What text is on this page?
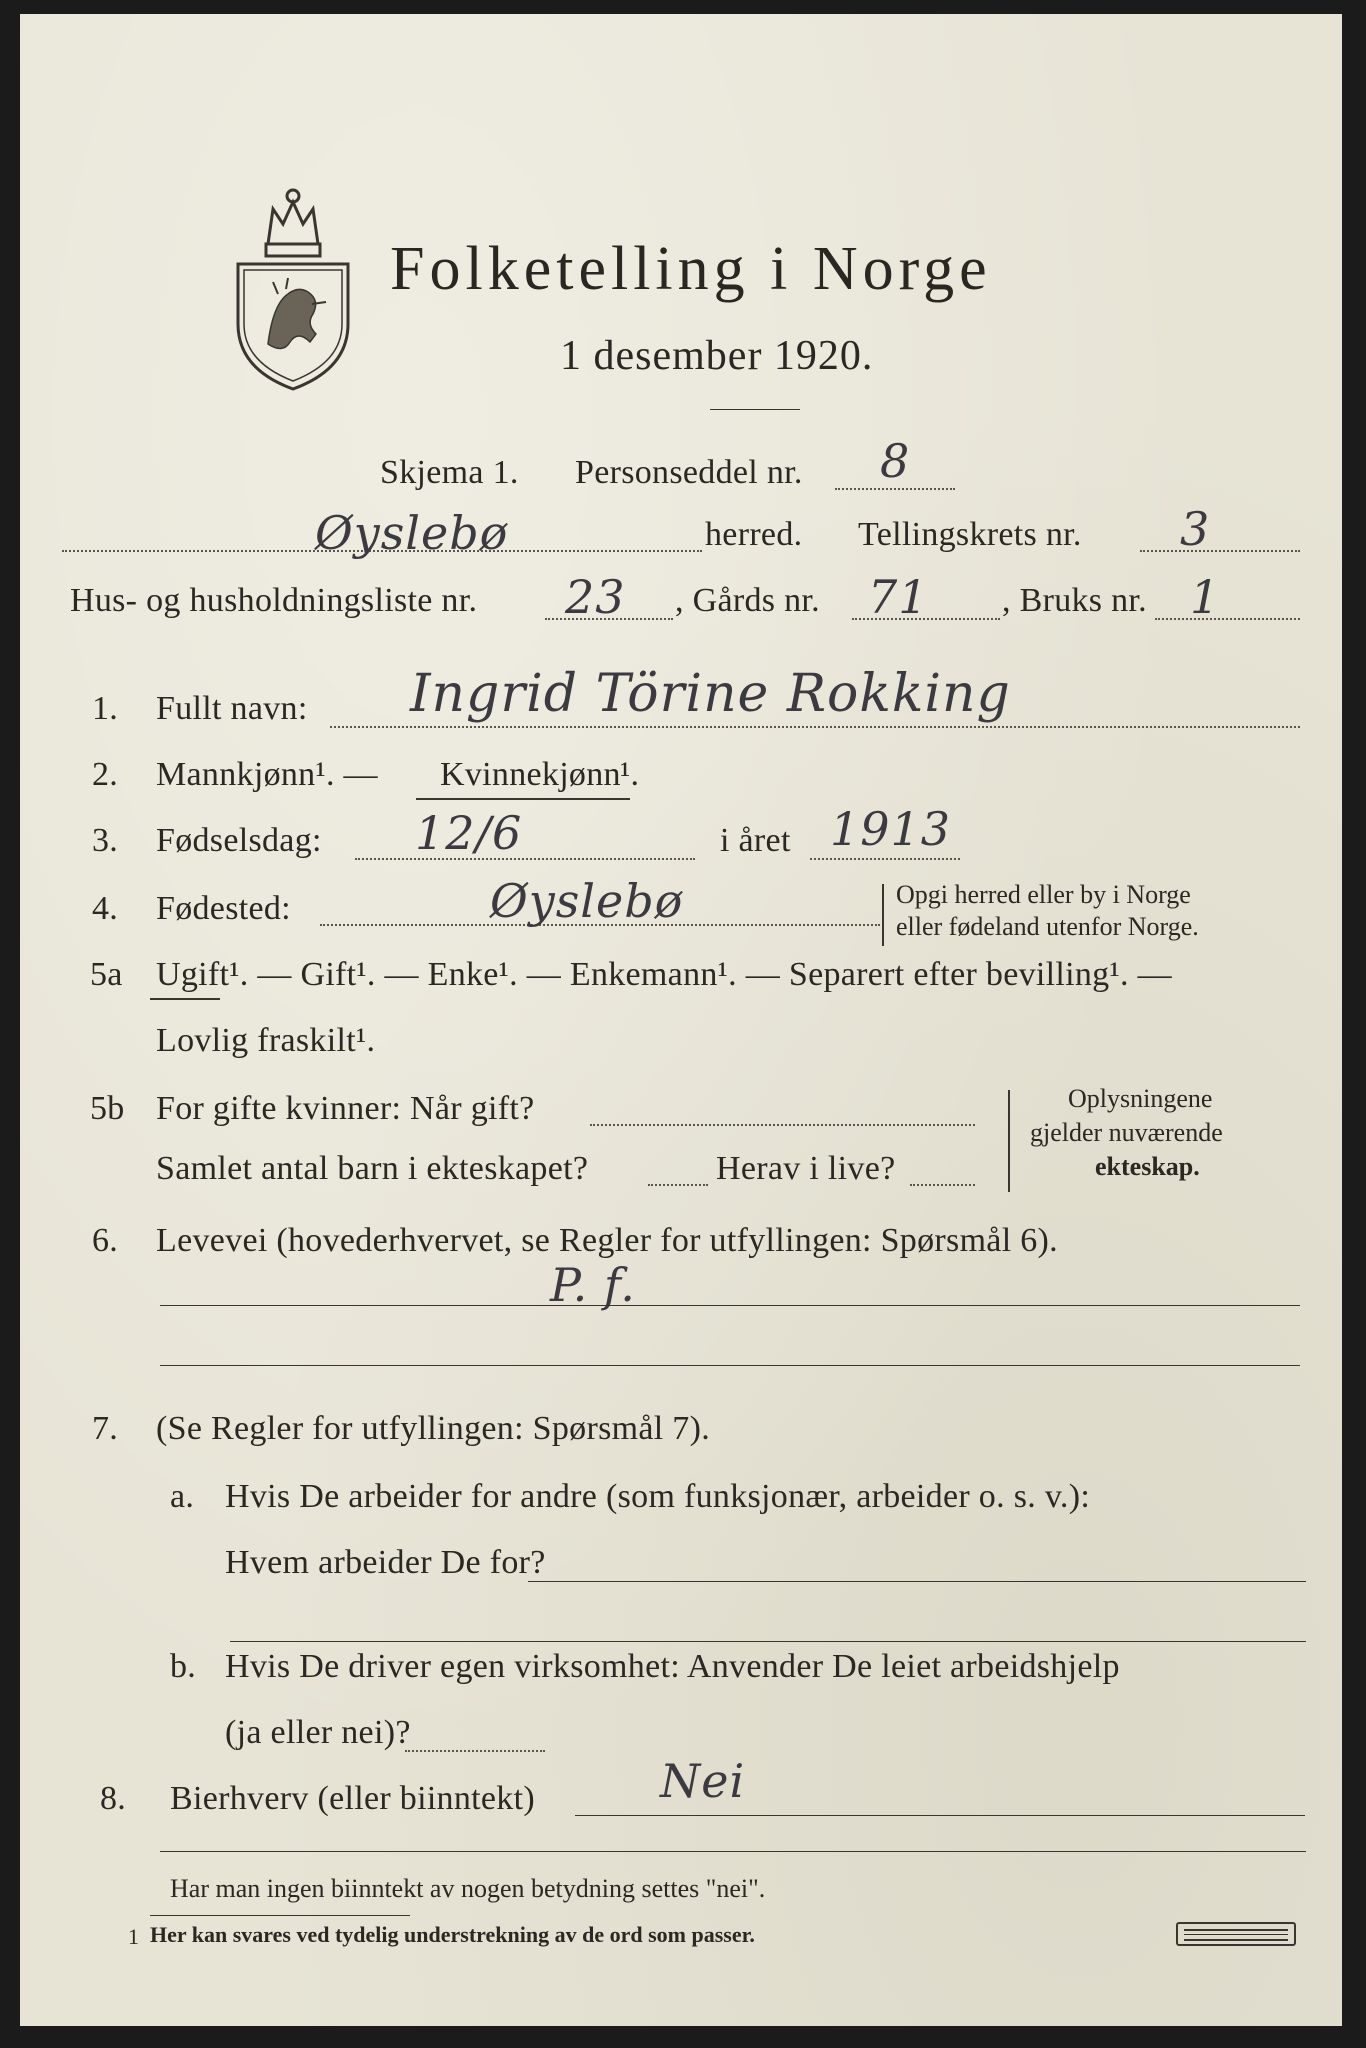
Folketelling i Norge
1 desember 1920.
Skjema 1. Personseddel nr. 8
Øyslebø	herred. Tellingskrets nr. 3
Hus- og husholdningsliste nr. 23 , Gårds nr. 71 , Bruks nr. 1
1. Fullt navn: Ingrid Törine Rokking
2. Mannkjønn¹. — Kvinnekjønn ¹.
3. Fødselsdag: 12/6	i året 1913
4. Fødested:	Øyslebø	Opgi herred eller by i Norge
eller fødeland utenfor Norge.
5a Ugift¹. — Gift¹. — Enke¹. — Enkemann¹. — Separert efter bevilling¹. —
Lovlig fraskilt¹.
5b For gifte kvinner: Når gift?
Samlet antal barn i ekteskapet?	Herav i live?
Oplysningene
gjelder nuværende
ekteskap.
6. Levevei (hovederhvervet, se Regler for utfyllingen: Spørsmål 6).
P. f.
7. (Se Regler for utfyllingen: Spørsmål 7).
a. Hvis De arbeider for andre (som funksjonær, arbeider o. s. v.):
Hvem arbeider De for?
b. Hvis De driver egen virksomhet: Anvender De leiet arbeidshjelp
(ja eller nei)?
8. Bierhverv (eller biinntekt)	Nei
Har man ingen biinntekt av nogen betydning settes "nei".
1 Her kan svares ved tydelig understrekning av de ord som passer.
